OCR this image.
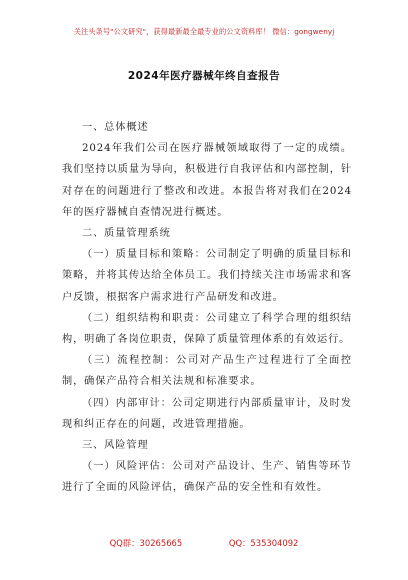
关注头条号"公文研究"，获得最新最全最专业的公文资料库！ 微信：gongwenyj
2024年医疗器械年终自查报告

一、总体概述

2024年我们公司在医疗器械领域取得了一定的成绩。我们坚持以质量为导向，积极进行自我评估和内部控制，针对存在的问题进行了整改和改进。本报告将对我们在2024年的医疗器械自查情况进行概述。

二、质量管理系统

（一）质量目标和策略：公司制定了明确的质量目标和策略，并将其传达给全体员工。我们持续关注市场需求和客户反馈，根据客户需求进行产品研发和改进。

（二）组织结构和职责：公司建立了科学合理的组织结构，明确了各岗位职责，保障了质量管理体系的有效运行。

（三）流程控制：公司对产品生产过程进行了全面控制，确保产品符合相关法规和标准要求。

（四）内部审计：公司定期进行内部质量审计，及时发现和纠正存在的问题，改进管理措施。

三、风险管理

（一）风险评估：公司对产品设计、生产、销售等环节进行了全面的风险评估，确保产品的安全性和有效性。

QQ群：30265665	QQ：535304092
